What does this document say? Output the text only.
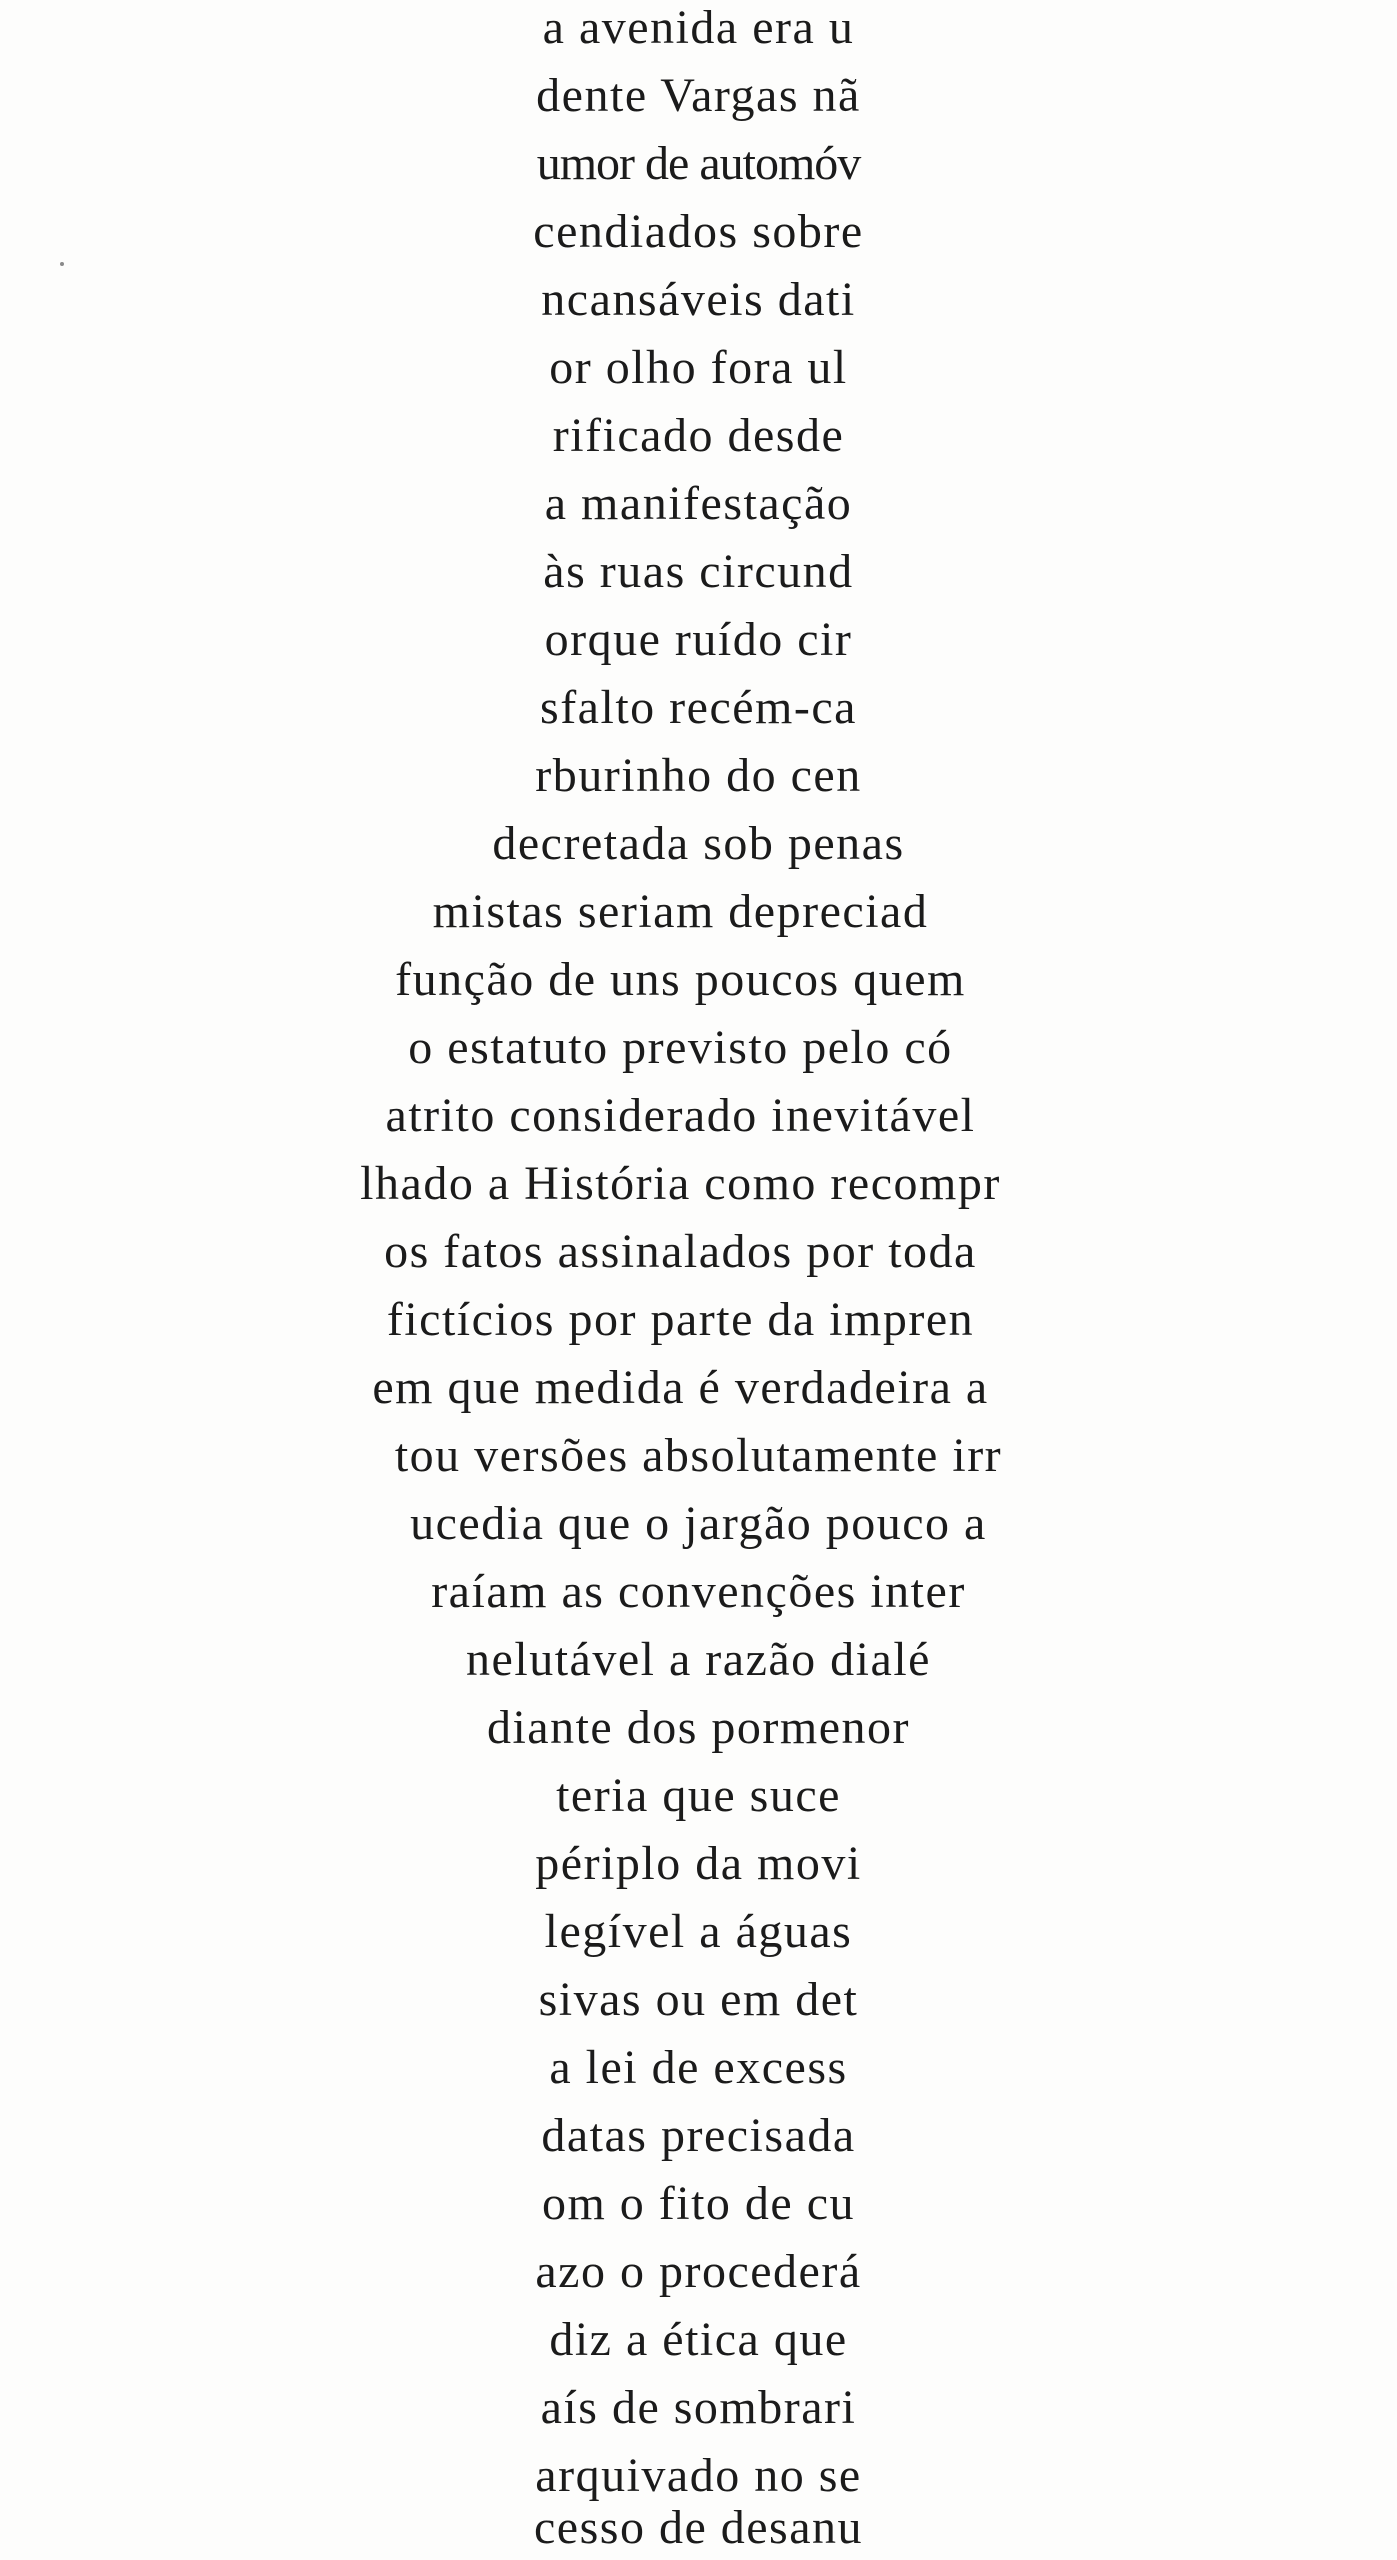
a avenida era u
dente Vargas nã
umor de automóv
cendiados sobre
ncansáveis dati
or olho fora ul
rificado desde
a manifestação
às ruas circund
orque ruído cir
sfalto recém-ca
rburinho do cen
decretada sob penas
mistas seriam depreciad
função de uns poucos quem
o estatuto previsto pelo có
atrito considerado inevitável
lhado a História como recompr
os fatos assinalados por toda
fictícios por parte da impren
em que medida é verdadeira a
tou versões absolutamente irr
ucedia que o jargão pouco a
raíam as convenções inter
nelutável a razão dialé
diante dos pormenor
teria que suce
périplo da movi
legível a águas
sivas ou em det
a lei de excess
datas precisada
om o fito de cu
azo o procederá
diz a ética que
aís de sombrari
arquivado no se
cesso de desanu
